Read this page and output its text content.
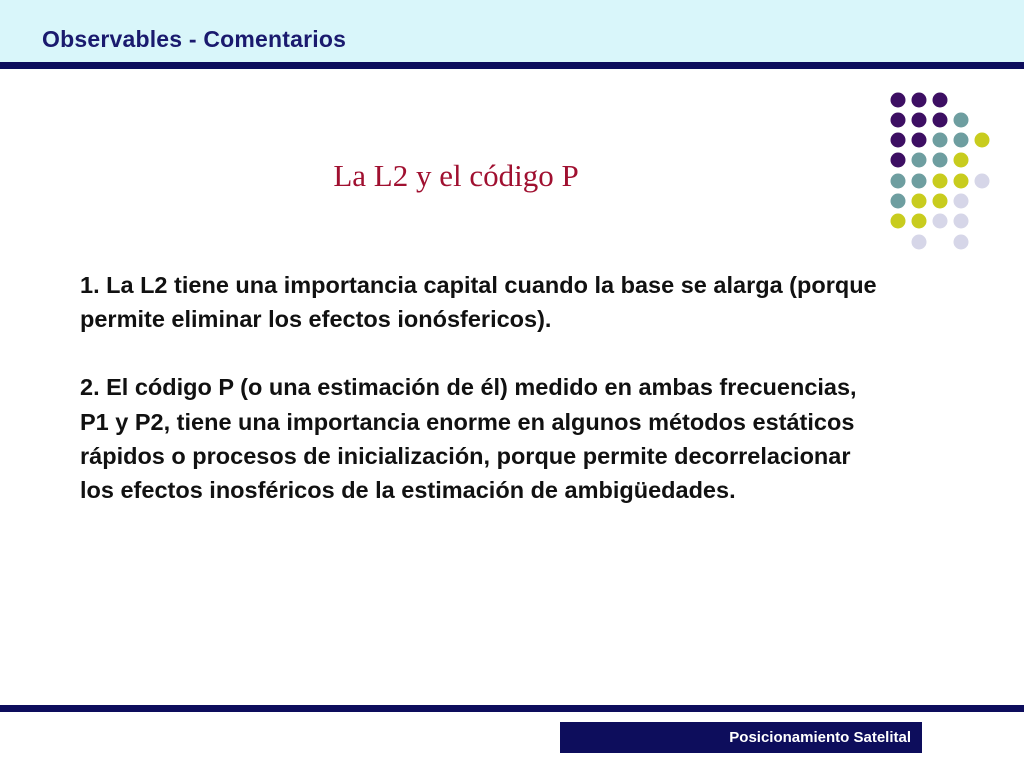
Observables - Comentarios
La L2 y el código P

1. La L2 tiene una importancia capital cuando la base se alarga (porque permite eliminar los efectos ionósfericos).

2. El código P (o una estimación de él) medido en ambas frecuencias, P1 y P2, tiene una importancia enorme en algunos métodos estáticos rápidos o procesos de inicialización, porque permite decorrelacionar los efectos inosféricos de la estimación de ambigüedades.

Posicionamiento Satelital
